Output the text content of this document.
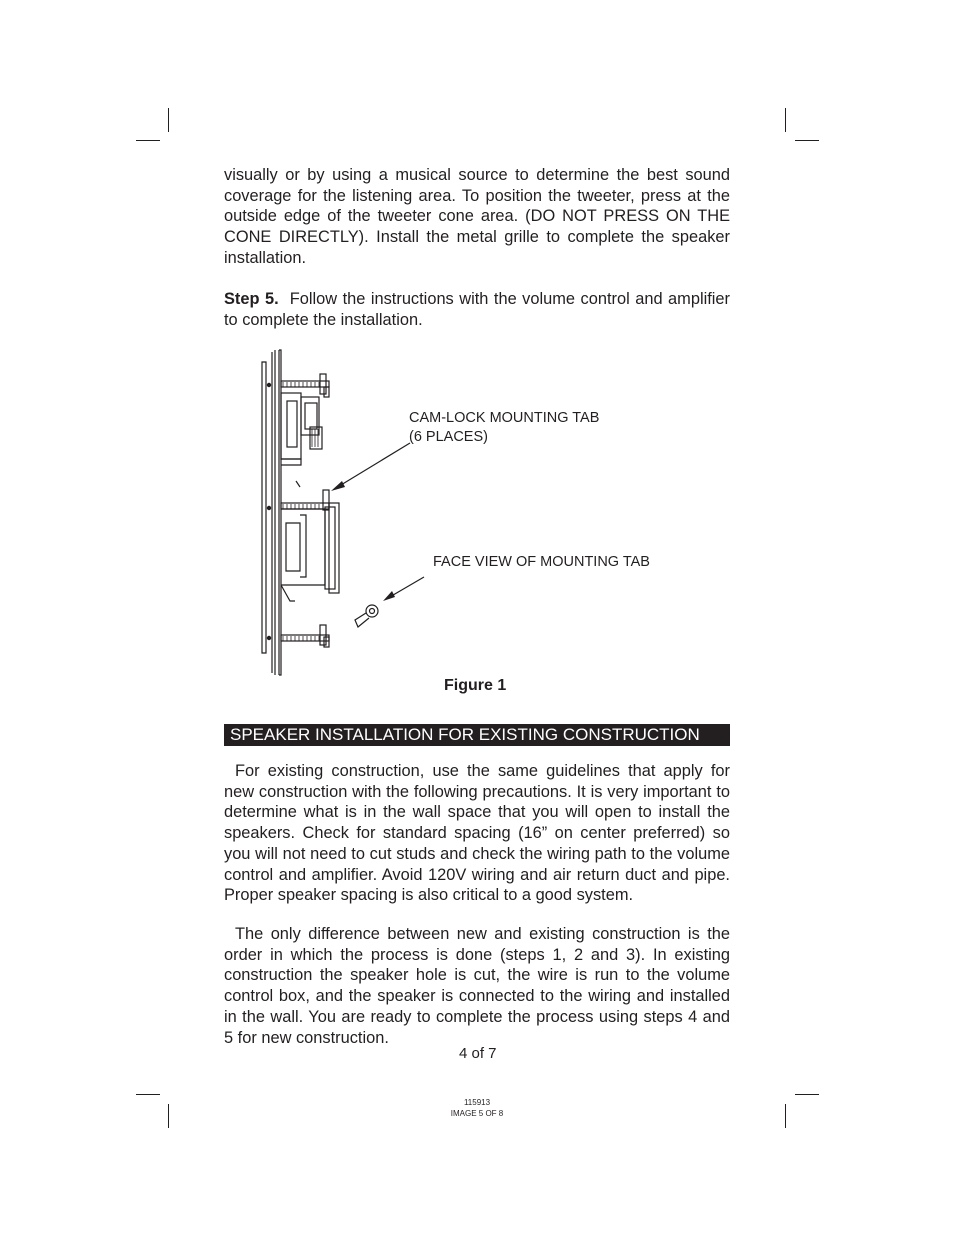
visually or by using a musical source to determine the best sound coverage for the listening area. To position the tweeter, press at the outside edge of the tweeter cone area. (DO NOT PRESS ON THE CONE DIRECTLY). Install the metal grille to complete the speaker installation.

Step 5. Follow the instructions with the volume control and amplifier to complete the installation.

CAM-LOCK MOUNTING TAB
(6 PLACES)
FACE VIEW OF MOUNTING TAB
Figure 1
SPEAKER INSTALLATION FOR EXISTING CONSTRUCTION

For existing construction, use the same guidelines that apply for new construction with the following precautions. It is very important to determine what is in the wall space that you will open to install the speakers. Check for standard spacing (16” on center preferred) so you will not need to cut studs and check the wiring path to the volume control and amplifier. Avoid 120V wiring and air return duct and pipe. Proper speaker spacing is also critical to a good system.

The only difference between new and existing construction is the order in which the process is done (steps 1, 2 and 3). In existing construction the speaker hole is cut, the wire is run to the volume control box, and the speaker is connected to the wiring and installed in the wall. You are ready to complete the process using steps 4 and 5 for new construction.

4 of 7
115913
IMAGE 5 OF 8
